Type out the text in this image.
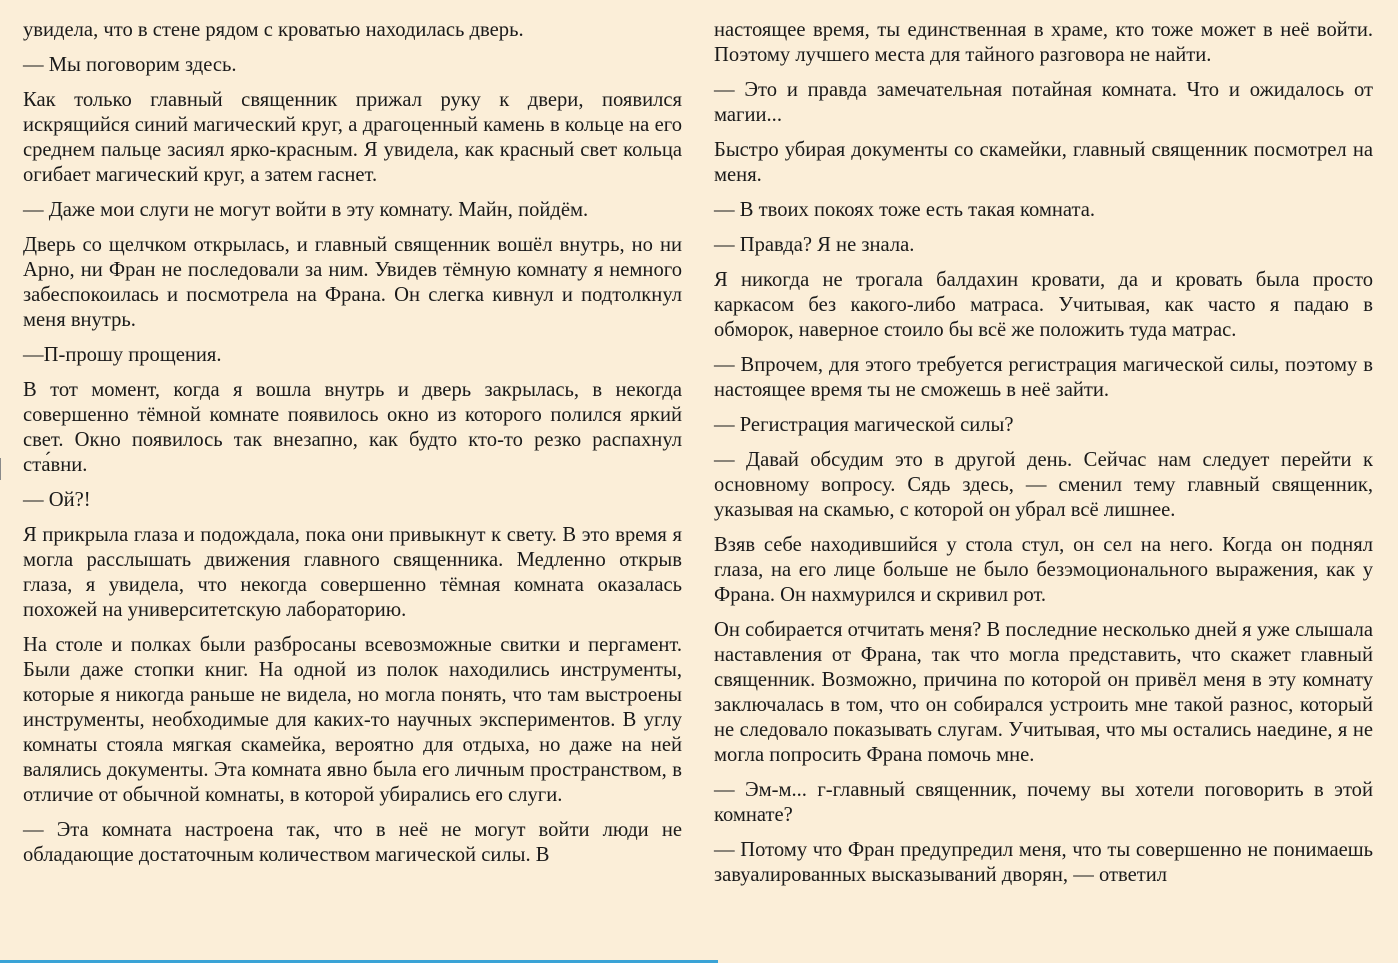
увидела, что в стене рядом с кроватью находилась дверь.

— Мы поговорим здесь.

Как только главный священник прижал руку к двери, появился искрящийся синий магический круг, а драгоценный камень в кольце на его среднем пальце засиял ярко-красным. Я увидела, как красный свет кольца огибает магический круг, а затем гаснет.

— Даже мои слуги не могут войти в эту комнату. Майн, пойдём.

Дверь со щелчком открылась, и главный священник вошёл внутрь, но ни Арно, ни Фран не последовали за ним. Увидев тёмную комнату я немного забеспокоилась и посмотрела на Франа. Он слегка кивнул и подтолкнул меня внутрь.

—П-прошу прощения.

В тот момент, когда я вошла внутрь и дверь закрылась, в некогда совершенно тёмной комнате появилось окно из которого полился яркий свет. Окно появилось так внезапно, как будто кто-то резко распахнул ста́вни.

— Ой?!

Я прикрыла глаза и подождала, пока они привыкнут к свету. В это время я могла расслышать движения главного священника. Медленно открыв глаза, я увидела, что некогда совершенно тёмная комната оказалась похожей на университетскую лабораторию.

На столе и полках были разбросаны всевозможные свитки и пергамент. Были даже стопки книг. На одной из полок находились инструменты, которые я никогда раньше не видела, но могла понять, что там выстроены инструменты, необходимые для каких-то научных экспериментов. В углу комнаты стояла мягкая скамейка, вероятно для отдыха, но даже на ней валялись документы. Эта комната явно была его личным пространством, в отличие от обычной комнаты, в которой убирались его слуги.

— Эта комната настроена так, что в неё не могут войти люди не обладающие достаточным количеством магической силы. В

настоящее время, ты единственная в храме, кто тоже может в неё войти. Поэтому лучшего места для тайного разговора не найти.

— Это и правда замечательная потайная комната. Что и ожидалось от магии...

Быстро убирая документы со скамейки, главный священник посмотрел на меня.

— В твоих покоях тоже есть такая комната.

— Правда? Я не знала.

Я никогда не трогала балдахин кровати, да и кровать была просто каркасом без какого-либо матраса. Учитывая, как часто я падаю в обморок, наверное стоило бы всё же положить туда матрас.

— Впрочем, для этого требуется регистрация магической силы, поэтому в настоящее время ты не сможешь в неё зайти.

— Регистрация магической силы?

— Давай обсудим это в другой день. Сейчас нам следует перейти к основному вопросу. Сядь здесь, — сменил тему главный священник, указывая на скамью, с которой он убрал всё лишнее.

Взяв себе находившийся у стола стул, он сел на него. Когда он поднял глаза, на его лице больше не было безэмоционального выражения, как у Франа. Он нахмурился и скривил рот.

Он собирается отчитать меня? В последние несколько дней я уже слышала наставления от Франа, так что могла представить, что скажет главный священник. Возможно, причина по которой он привёл меня в эту комнату заключалась в том, что он собирался устроить мне такой разнос, который не следовало показывать слугам. Учитывая, что мы остались наедине, я не могла попросить Франа помочь мне.

— Эм-м... г-главный священник, почему вы хотели поговорить в этой комнате?

— Потому что Фран предупредил меня, что ты совершенно не понимаешь завуалированных высказываний дворян, — ответил
